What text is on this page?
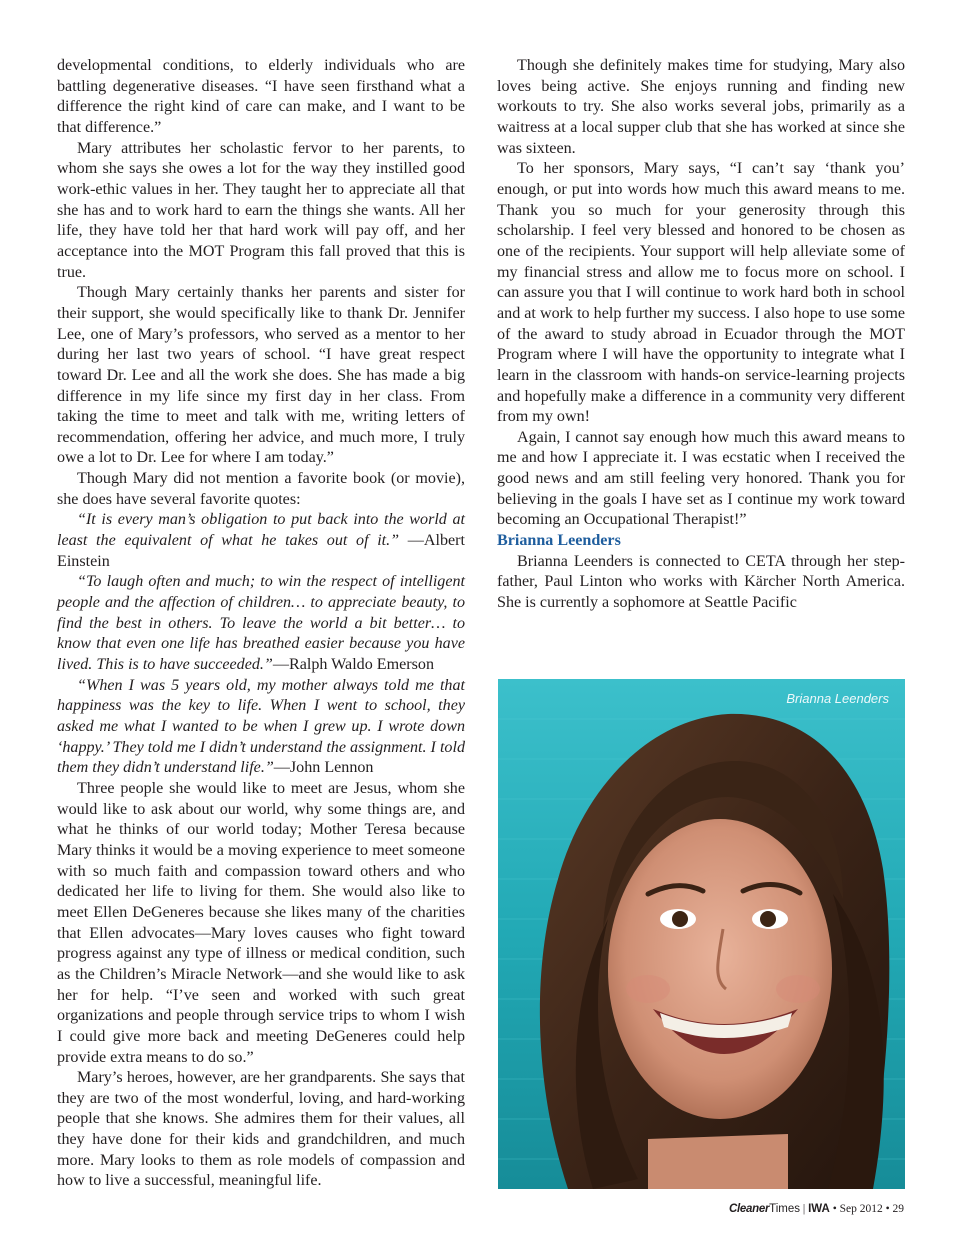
developmental conditions, to elderly individuals who are battling degenerative diseases. “I have seen firsthand what a difference the right kind of care can make, and I want to be that difference.”

Mary attributes her scholastic fervor to her parents, to whom she says she owes a lot for the way they instilled good work-ethic values in her. They taught her to appreciate all that she has and to work hard to earn the things she wants. All her life, they have told her that hard work will pay off, and her acceptance into the MOT Program this fall proved that this is true.

Though Mary certainly thanks her parents and sister for their support, she would specifically like to thank Dr. Jennifer Lee, one of Mary’s professors, who served as a mentor to her during her last two years of school. “I have great respect toward Dr. Lee and all the work she does. She has made a big difference in my life since my first day in her class. From taking the time to meet and talk with me, writing letters of recommendation, offering her advice, and much more, I truly owe a lot to Dr. Lee for where I am today.”

Though Mary did not mention a favorite book (or movie), she does have several favorite quotes:

“It is every man’s obligation to put back into the world at least the equivalent of what he takes out of it.” —Albert Einstein

“To laugh often and much; to win the respect of intelligent people and the affection of children… to appreciate beauty, to find the best in others. To leave the world a bit better… to know that even one life has breathed easier because you have lived. This is to have succeeded.”—Ralph Waldo Emerson

“When I was 5 years old, my mother always told me that happiness was the key to life. When I went to school, they asked me what I wanted to be when I grew up. I wrote down ‘happy.’ They told me I didn’t understand the assignment. I told them they didn’t understand life.”—John Lennon

Three people she would like to meet are Jesus, whom she would like to ask about our world, why some things are, and what he thinks of our world today; Mother Teresa because Mary thinks it would be a moving experience to meet someone with so much faith and compassion toward others and who dedicated her life to living for them. She would also like to meet Ellen DeGeneres because she likes many of the charities that Ellen advocates—Mary loves causes who fight toward progress against any type of illness or medical condition, such as the Children’s Miracle Network—and she would like to ask her for help. “I’ve seen and worked with such great organizations and people through service trips to whom I wish I could give more back and meeting DeGeneres could help provide extra means to do so.”

Mary’s heroes, however, are her grandparents. She says that they are two of the most wonderful, loving, and hard-working people that she knows. She admires them for their values, all they have done for their kids and grandchildren, and much more. Mary looks to them as role models of compassion and how to live a successful, meaningful life.

Though she definitely makes time for studying, Mary also loves being active. She enjoys running and finding new workouts to try. She also works several jobs, primarily as a waitress at a local supper club that she has worked at since she was sixteen.

To her sponsors, Mary says, “I can’t say ‘thank you’ enough, or put into words how much this award means to me. Thank you so much for your generosity through this scholarship. I feel very blessed and honored to be chosen as one of the recipients. Your support will help alleviate some of my financial stress and allow me to focus more on school. I can assure you that I will continue to work hard both in school and at work to help further my success. I also hope to use some of the award to study abroad in Ecuador through the MOT Program where I will have the opportunity to integrate what I learn in the classroom with hands-on service-learning projects and hopefully make a difference in a community very different from my own!

Again, I cannot say enough how much this award means to me and how I appreciate it. I was ecstatic when I received the good news and am still feeling very honored. Thank you for believing in the goals I have set as I continue my work toward becoming an Occupational Therapist!”

Brianna Leenders

Brianna Leenders is connected to CETA through her step-father, Paul Linton who works with Kärcher North America. She is currently a sophomore at Seattle Pacific

Brianna Leenders
CleanerTimes | IWA • Sep 2012 • 29
